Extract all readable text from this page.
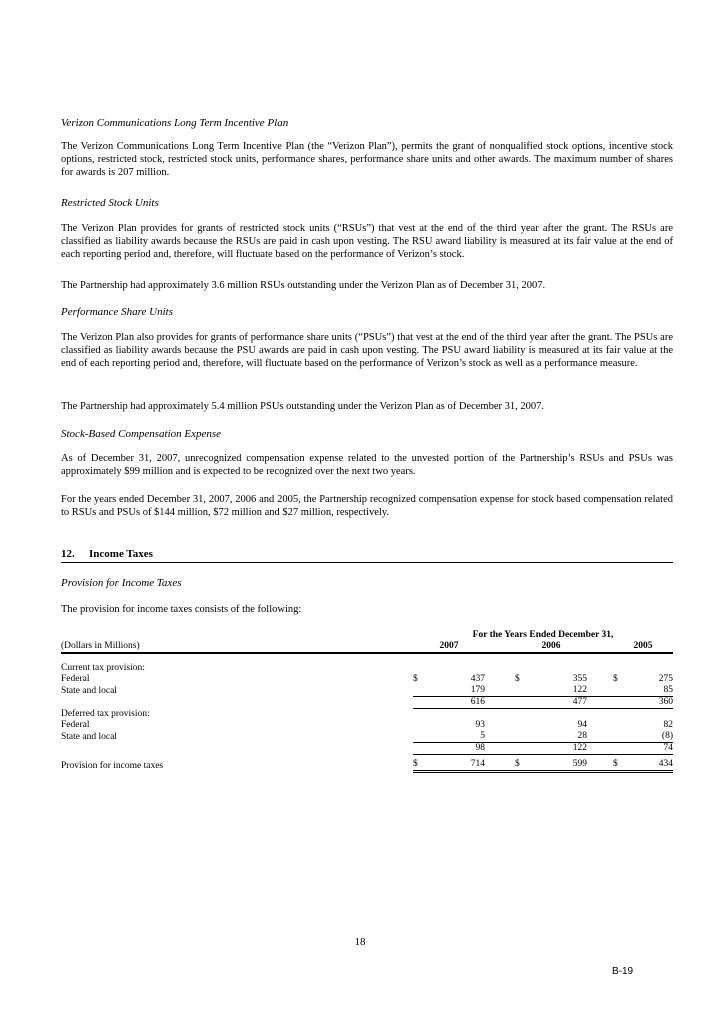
Verizon Communications Long Term Incentive Plan
The Verizon Communications Long Term Incentive Plan (the “Verizon Plan”), permits the grant of nonqualified stock options, incentive stock options, restricted stock, restricted stock units, performance shares, performance share units and other awards. The maximum number of shares for awards is 207 million.
Restricted Stock Units
The Verizon Plan provides for grants of restricted stock units (“RSUs”) that vest at the end of the third year after the grant. The RSUs are classified as liability awards because the RSUs are paid in cash upon vesting. The RSU award liability is measured at its fair value at the end of each reporting period and, therefore, will fluctuate based on the performance of Verizon’s stock.
The Partnership had approximately 3.6 million RSUs outstanding under the Verizon Plan as of December 31, 2007.
Performance Share Units
The Verizon Plan also provides for grants of performance share units (“PSUs”) that vest at the end of the third year after the grant. The PSUs are classified as liability awards because the PSU awards are paid in cash upon vesting. The PSU award liability is measured at its fair value at the end of each reporting period and, therefore, will fluctuate based on the performance of Verizon’s stock as well as a performance measure.
The Partnership had approximately 5.4 million PSUs outstanding under the Verizon Plan as of December 31, 2007.
Stock-Based Compensation Expense
As of December 31, 2007, unrecognized compensation expense related to the unvested portion of the Partnership’s RSUs and PSUs was approximately $99 million and is expected to be recognized over the next two years.
For the years ended December 31, 2007, 2006 and 2005, the Partnership recognized compensation expense for stock based compensation related to RSUs and PSUs of $144 million, $72 million and $27 million, respectively.
12. Income Taxes
Provision for Income Taxes
The provision for income taxes consists of the following:
	For the Years Ended December 31,							
(Dollars in Millions)	2007			2006			2005	

Current tax provision:								
Federal	$	437		$	355		$	275
State and local		179			122			85
		616			477			360
Deferred tax provision:								
Federal		93			94			82
State and local		5			28			(8)
		98			122			74

Provision for income taxes	$	714		$	599		$	434
18
B-19
